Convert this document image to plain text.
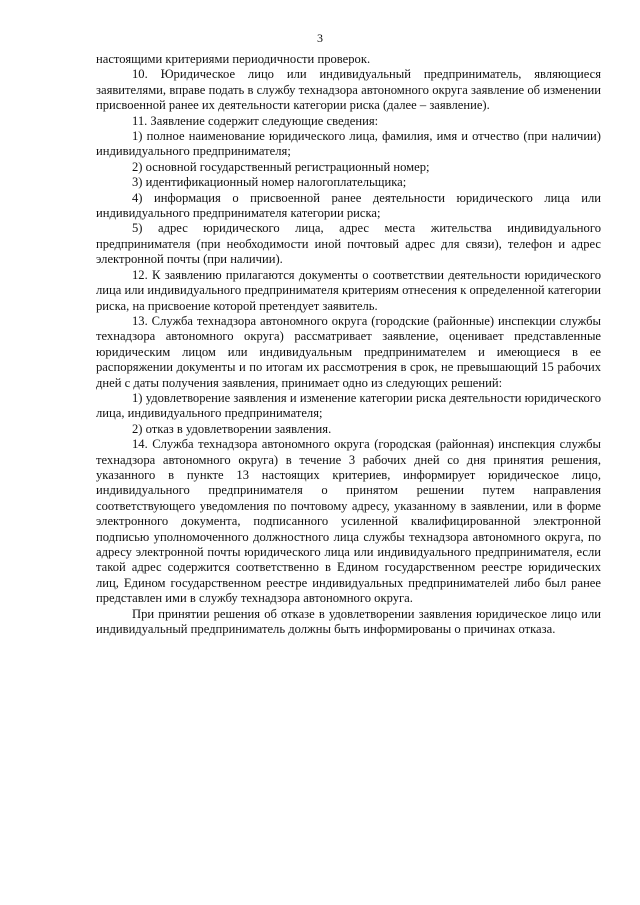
3

настоящими критериями периодичности проверок.

10. Юридическое лицо или индивидуальный предприниматель, являющиеся заявителями, вправе подать в службу технадзора автономного округа заявление об изменении присвоенной ранее их деятельности категории риска (далее – заявление).

11. Заявление содержит следующие сведения:

1) полное наименование юридического лица, фамилия, имя и отчество (при наличии) индивидуального предпринимателя;

2) основной государственный регистрационный номер;

3) идентификационный номер налогоплательщика;

4) информация о присвоенной ранее деятельности юридического лица или индивидуального предпринимателя категории риска;

5) адрес юридического лица, адрес места жительства индивидуального предпринимателя (при необходимости иной почтовый адрес для связи), телефон и адрес электронной почты (при наличии).

12. К заявлению прилагаются документы о соответствии деятельности юридического лица или индивидуального предпринимателя критериям отнесения к определенной категории риска, на присвоение которой претендует заявитель.

13. Служба технадзора автономного округа (городские (районные) инспекции службы технадзора автономного округа) рассматривает заявление, оценивает представленные юридическим лицом или индивидуальным предпринимателем и имеющиеся в ее распоряжении документы и по итогам их рассмотрения в срок, не превышающий 15 рабочих дней с даты получения заявления, принимает одно из следующих решений:

1) удовлетворение заявления и изменение категории риска деятельности юридического лица, индивидуального предпринимателя;

2) отказ в удовлетворении заявления.

14. Служба технадзора автономного округа (городская (районная) инспекция службы технадзора автономного округа) в течение 3 рабочих дней со дня принятия решения, указанного в пункте 13 настоящих критериев, информирует юридическое лицо, индивидуального предпринимателя о принятом решении путем направления соответствующего уведомления по почтовому адресу, указанному в заявлении, или в форме электронного документа, подписанного усиленной квалифицированной электронной подписью уполномоченного должностного лица службы технадзора автономного округа, по адресу электронной почты юридического лица или индивидуального предпринимателя, если такой адрес содержится соответственно в Едином государственном реестре юридических лиц, Едином государственном реестре индивидуальных предпринимателей либо был ранее представлен ими в службу технадзора автономного округа.

При принятии решения об отказе в удовлетворении заявления юридическое лицо или индивидуальный предприниматель должны быть информированы о причинах отказа.
